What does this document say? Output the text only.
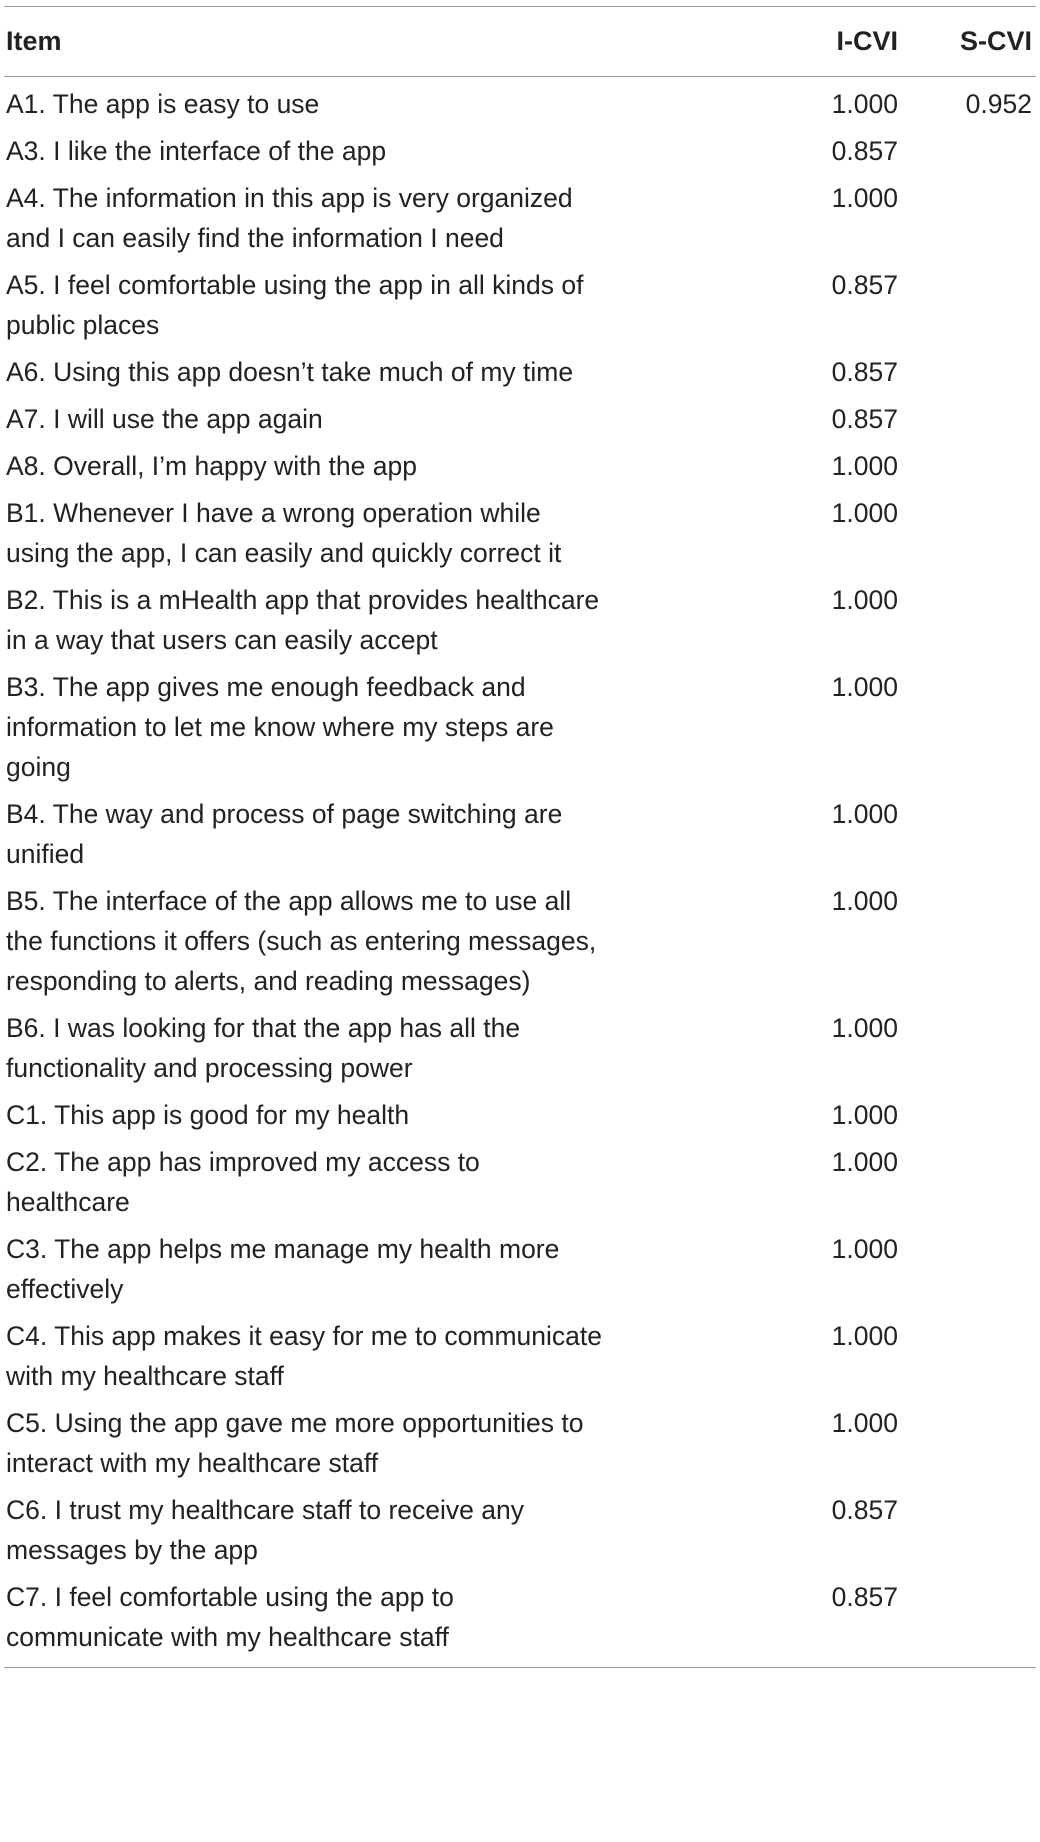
Item	I-CVI	S-CVI
A1. The app is easy to use	1.000	0.952
A3. I like the interface of the app	0.857	
A4. The information in this app is very organized and I can easily find the information I need	1.000	
A5. I feel comfortable using the app in all kinds of public places	0.857	
A6. Using this app doesn’t take much of my time	0.857	
A7. I will use the app again	0.857	
A8. Overall, I’m happy with the app	1.000	
B1. Whenever I have a wrong operation while using the app, I can easily and quickly correct it	1.000	
B2. This is a mHealth app that provides healthcare in a way that users can easily accept	1.000	
B3. The app gives me enough feedback and information to let me know where my steps are going	1.000	
B4. The way and process of page switching are unified	1.000	
B5. The interface of the app allows me to use all the functions it offers (such as entering messages, responding to alerts, and reading messages)	1.000	
B6. I was looking for that the app has all the functionality and processing power	1.000	
C1. This app is good for my health	1.000	
C2. The app has improved my access to healthcare	1.000	
C3. The app helps me manage my health more effectively	1.000	
C4. This app makes it easy for me to communicate with my healthcare staff	1.000	
C5. Using the app gave me more opportunities to interact with my healthcare staff	1.000	
C6. I trust my healthcare staff to receive any messages by the app	0.857	
C7. I feel comfortable using the app to communicate with my healthcare staff	0.857	
